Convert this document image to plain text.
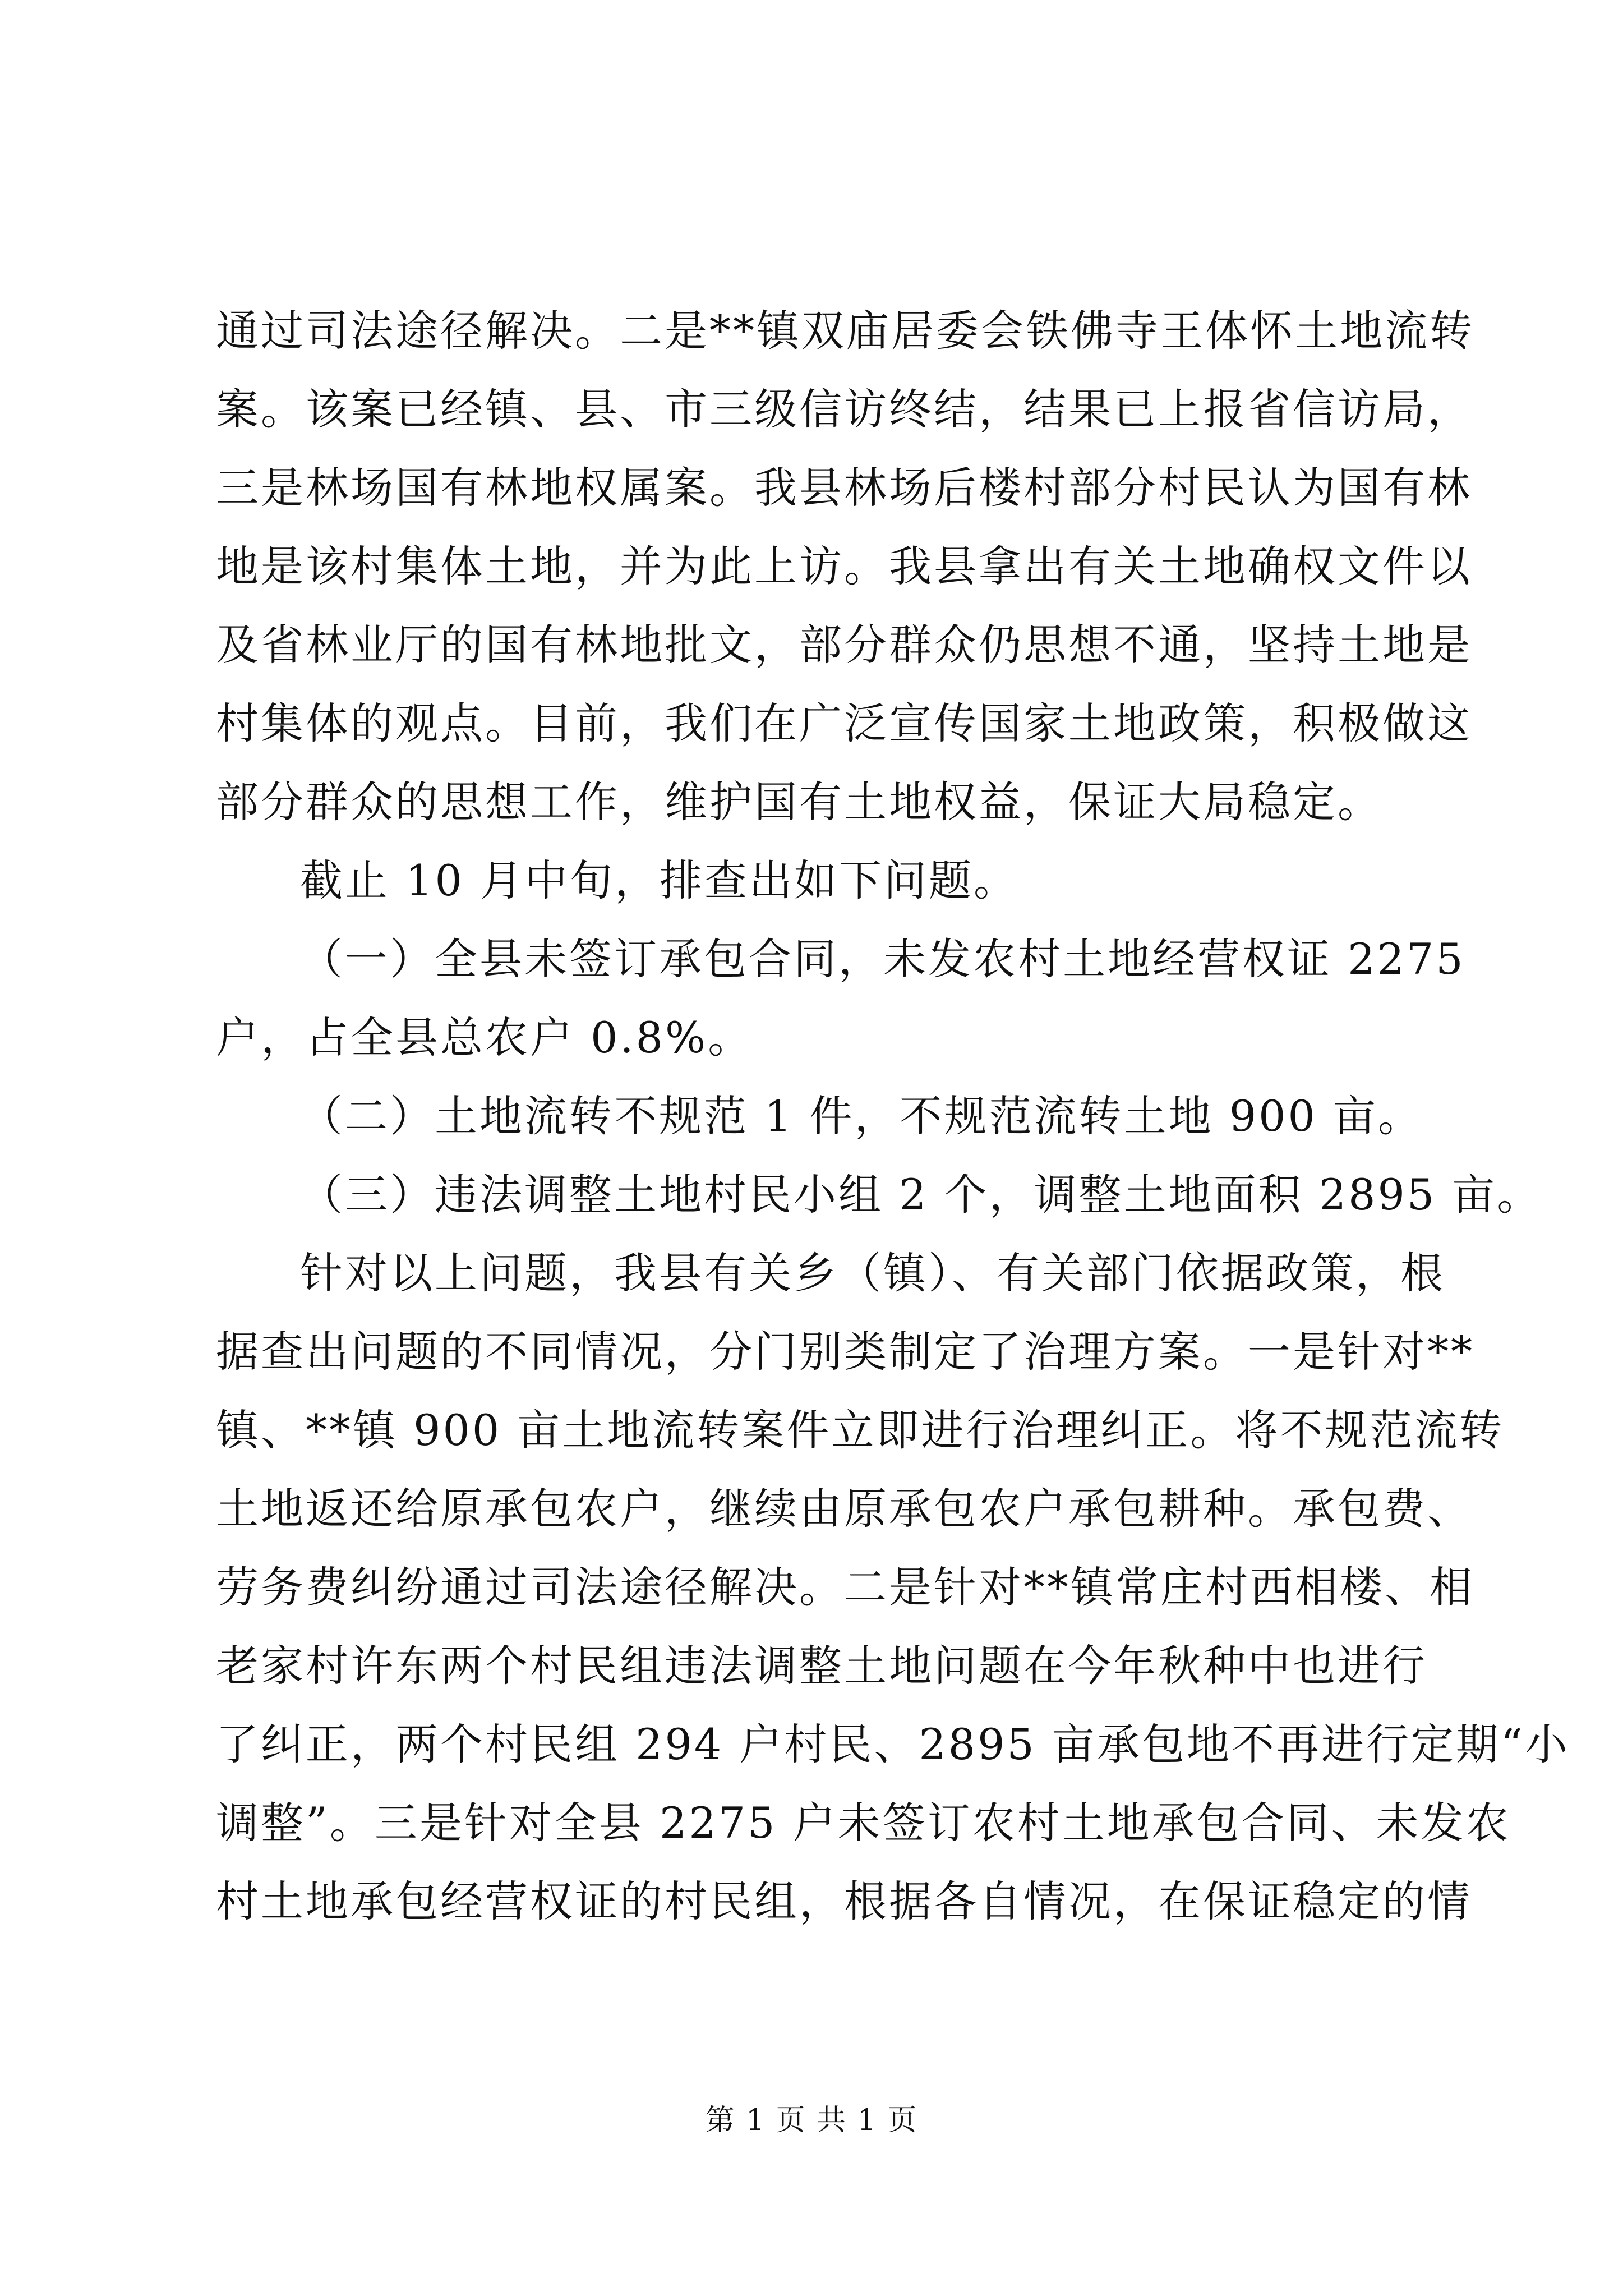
通过司法途径解决。二是**镇双庙居委会铁佛寺王体怀土地流转
案。该案已经镇、县、市三级信访终结，结果已上报省信访局，
三是林场国有林地权属案。我县林场后楼村部分村民认为国有林
地是该村集体土地，并为此上访。我县拿出有关土地确权文件以
及省林业厅的国有林地批文，部分群众仍思想不通，坚持土地是
村集体的观点。目前，我们在广泛宣传国家土地政策，积极做这
部分群众的思想工作，维护国有土地权益，保证大局稳定。
截止 10 月中旬，排查出如下问题。
（一）全县未签订承包合同，未发农村土地经营权证 2275
户，占全县总农户 0.8%。
（二）土地流转不规范 1 件，不规范流转土地 900 亩。
（三）违法调整土地村民小组 2 个，调整土地面积 2895 亩。
针对以上问题，我县有关乡（镇）、有关部门依据政策，根
据查出问题的不同情况，分门别类制定了治理方案。一是针对**
镇、**镇 900 亩土地流转案件立即进行治理纠正。将不规范流转
土地返还给原承包农户，继续由原承包农户承包耕种。承包费、
劳务费纠纷通过司法途径解决。二是针对**镇常庄村西相楼、相
老家村许东两个村民组违法调整土地问题在今年秋种中也进行
了纠正，两个村民组 294 户村民、2895 亩承包地不再进行定期“小
调整”。三是针对全县 2275 户未签订农村土地承包合同、未发农
村土地承包经营权证的村民组，根据各自情况，在保证稳定的情
第 1 页 共 1 页
